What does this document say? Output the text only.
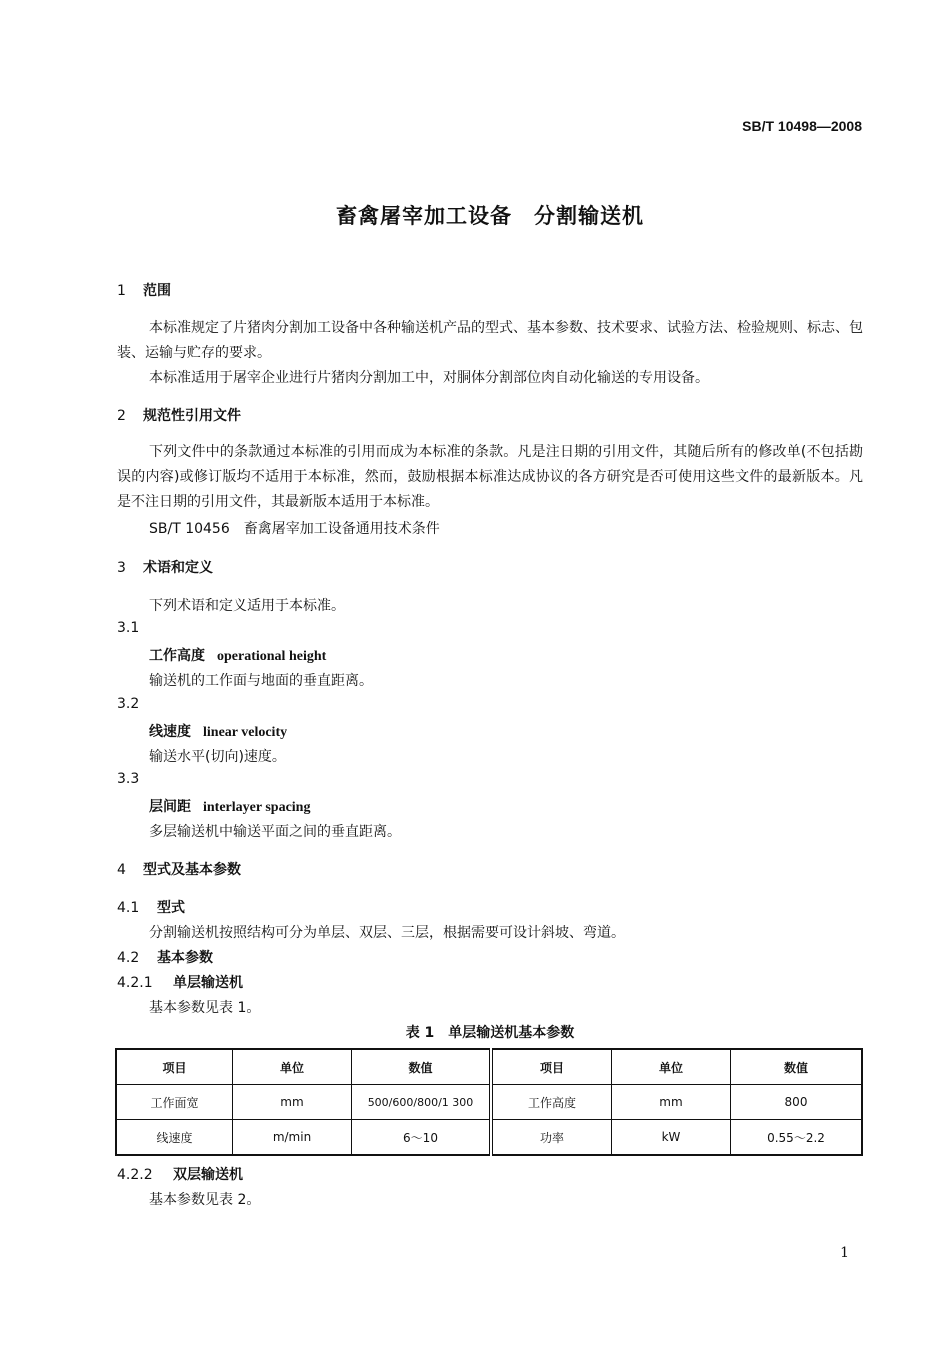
SB/T 10498—2008
畜禽屠宰加工设备　分割输送机
1 范围
本标准规定了片猪肉分割加工设备中各种输送机产品的型式、基本参数、技术要求、试验方法、检验规则、标志、包装、运输与贮存的要求。
本标准适用于屠宰企业进行片猪肉分割加工中，对胴体分割部位肉自动化输送的专用设备。
2 规范性引用文件
下列文件中的条款通过本标准的引用而成为本标准的条款。凡是注日期的引用文件，其随后所有的修改单(不包括勘误的内容)或修订版均不适用于本标准，然而，鼓励根据本标准达成协议的各方研究是否可使用这些文件的最新版本。凡是不注日期的引用文件，其最新版本适用于本标准。
SB/T 10456　畜禽屠宰加工设备通用技术条件
3 术语和定义
下列术语和定义适用于本标准。
3.1
工作高度 operational height
输送机的工作面与地面的垂直距离。
3.2
线速度 linear velocity
输送水平(切向)速度。
3.3
层间距 interlayer spacing
多层输送机中输送平面之间的垂直距离。
4 型式及基本参数
4.1 型式
分割输送机按照结构可分为单层、双层、三层，根据需要可设计斜坡、弯道。
4.2 基本参数
4.2.1 单层输送机
基本参数见表 1。
表 1　单层输送机基本参数
项目	单位	数值	项目	单位	数值
工作面宽	mm	500/600/800/1 300	工作高度	mm	800
线速度	m/min	6～10	功率	kW	0.55～2.2
4.2.2 双层输送机
基本参数见表 2。
1
